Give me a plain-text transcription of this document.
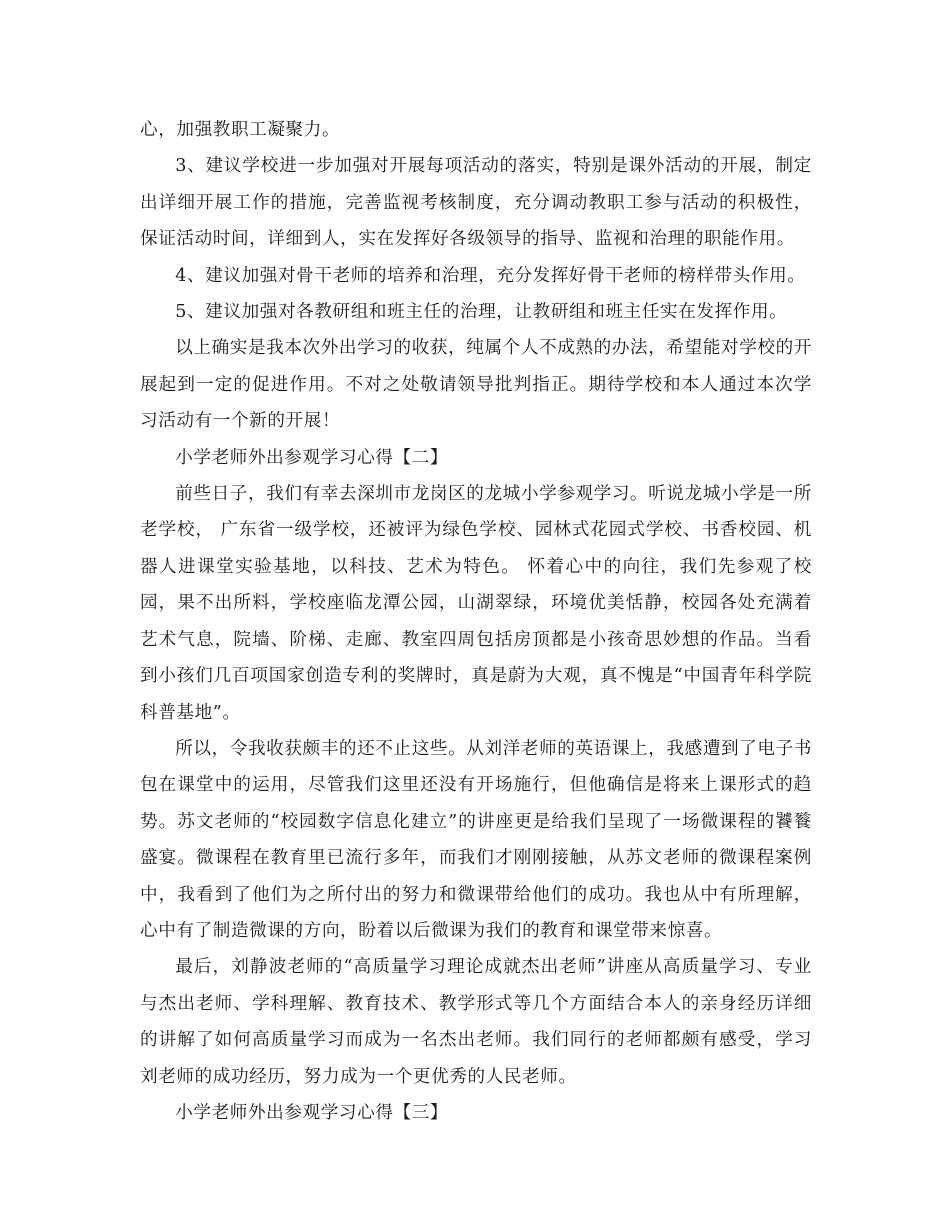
心，加强教职工凝聚力。

3、建议学校进一步加强对开展每项活动的落实，特别是课外活动的开展，制定出详细开展工作的措施，完善监视考核制度，充分调动教职工参与活动的积极性，保证活动时间，详细到人，实在发挥好各级领导的指导、监视和治理的职能作用。

4、建议加强对骨干老师的培养和治理，充分发挥好骨干老师的榜样带头作用。

5、建议加强对各教研组和班主任的治理，让教研组和班主任实在发挥作用。

以上确实是我本次外出学习的收获，纯属个人不成熟的办法，希望能对学校的开展起到一定的促进作用。不对之处敬请领导批判指正。期待学校和本人通过本次学习活动有一个新的开展！

小学老师外出参观学习心得【二】

前些日子，我们有幸去深圳市龙岗区的龙城小学参观学习。听说龙城小学是一所老学校， 广东省一级学校，还被评为绿色学校、园林式花园式学校、书香校园、机器人进课堂实验基地，以科技、艺术为特色。 怀着心中的向往，我们先参观了校园，果不出所料，学校座临龙潭公园，山湖翠绿，环境优美恬静，校园各处充满着艺术气息，院墙、阶梯、走廊、教室四周包括房顶都是小孩奇思妙想的作品。当看到小孩们几百项国家创造专利的奖牌时，真是蔚为大观，真不愧是“中国青年科学院科普基地”。

所以，令我收获颇丰的还不止这些。从刘洋老师的英语课上，我感遭到了电子书包在课堂中的运用，尽管我们这里还没有开场施行，但他确信是将来上课形式的趋势。苏文老师的“校园数字信息化建立”的讲座更是给我们呈现了一场微课程的饕餮盛宴。微课程在教育里已流行多年，而我们才刚刚接触，从苏文老师的微课程案例中，我看到了他们为之所付出的努力和微课带给他们的成功。我也从中有所理解，心中有了制造微课的方向，盼着以后微课为我们的教育和课堂带来惊喜。

最后，刘静波老师的“高质量学习理论成就杰出老师”讲座从高质量学习、专业与杰出老师、学科理解、教育技术、教学形式等几个方面结合本人的亲身经历详细的讲解了如何高质量学习而成为一名杰出老师。我们同行的老师都颇有感受，学习刘老师的成功经历，努力成为一个更优秀的人民老师。

小学老师外出参观学习心得【三】
